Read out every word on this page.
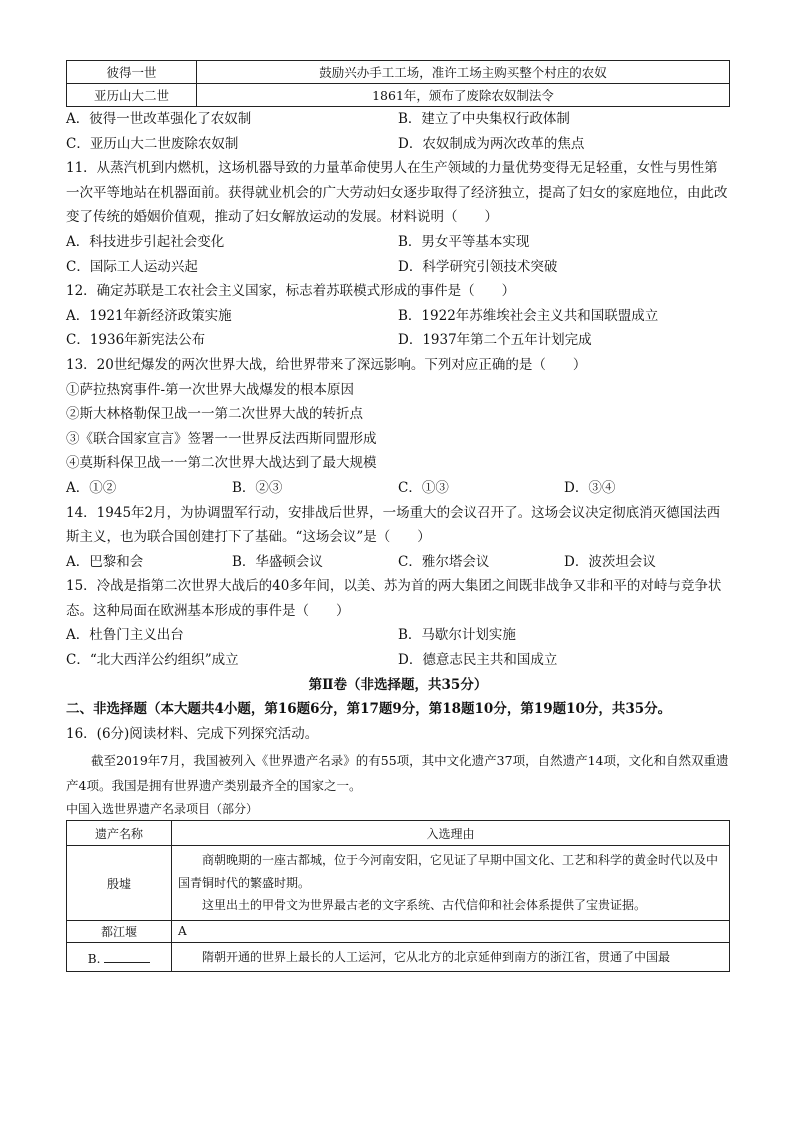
彼得一世	鼓励兴办手工工场，准许工场主购买整个村庄的农奴
亚历山大二世	1861年，颁布了废除农奴制法令
A．彼得一世改革强化了农奴制	B．建立了中央集权行政体制
C．亚历山大二世废除农奴制	D．农奴制成为两次改革的焦点
11．从蒸汽机到内燃机，这场机器导致的力量革命使男人在生产领域的力量优势变得无足轻重，女性与男性第一次平等地站在机器面前。获得就业机会的广大劳动妇女逐步取得了经济独立，提高了妇女的家庭地位，由此改变了传统的婚姻价值观，推动了妇女解放运动的发展。材料说明（　　）
A．科技进步引起社会变化	B．男女平等基本实现
C．国际工人运动兴起	D．科学研究引领技术突破
12．确定苏联是工农社会主义国家，标志着苏联模式形成的事件是（　　）
A．1921年新经济政策实施	B．1922年苏维埃社会主义共和国联盟成立
C．1936年新宪法公布	D．1937年第二个五年计划完成
13．20世纪爆发的两次世界大战，给世界带来了深远影响。下列对应正确的是（　　）
①萨拉热窝事件-第一次世界大战爆发的根本原因
②斯大林格勒保卫战一一第二次世界大战的转折点
③《联合国家宣言》签署一一世界反法西斯同盟形成
④莫斯科保卫战一一第二次世界大战达到了最大规模
A．①②	B．②③	C．①③	D．③④
14．1945年2月，为协调盟军行动，安排战后世界，一场重大的会议召开了。这场会议决定彻底消灭德国法西斯主义，也为联合国创建打下了基础。“这场会议”是（　　）
A．巴黎和会	B．华盛顿会议	C．雅尔塔会议	D．波茨坦会议
15．冷战是指第二次世界大战后的40多年间，以美、苏为首的两大集团之间既非战争又非和平的对峙与竞争状态。这种局面在欧洲基本形成的事件是（　　）
A．杜鲁门主义出台	B．马歇尔计划实施
C．“北大西洋公约组织”成立	D．德意志民主共和国成立
第Ⅱ卷（非选择题，共35分）
二、非选择题（本大题共4小题，第16题6分，第17题9分，第18题10分，第19题10分，共35分。
16．(6分)阅读材料、完成下列探究活动。
截至2019年7月，我国被列入《世界遗产名录》的有55项，其中文化遗产37项，自然遗产14项，文化和自然双重遗产4项。我国是拥有世界遗产类别最齐全的国家之一。
中国入选世界遗产名录项目（部分）
遗产名称	入选理由
殷墟	商朝晚期的一座古都城，位于今河南安阳，它见证了早期中国文化、工艺和科学的黄金时代以及中国青铜时代的繁盛时期。

这里出土的甲骨文为世界最古老的文字系统、古代信仰和社会体系提供了宝贵证据。

都江堰	A
B.	隋朝开通的世界上最长的人工运河，它从北方的北京延伸到南方的浙江省，贯通了中国最
